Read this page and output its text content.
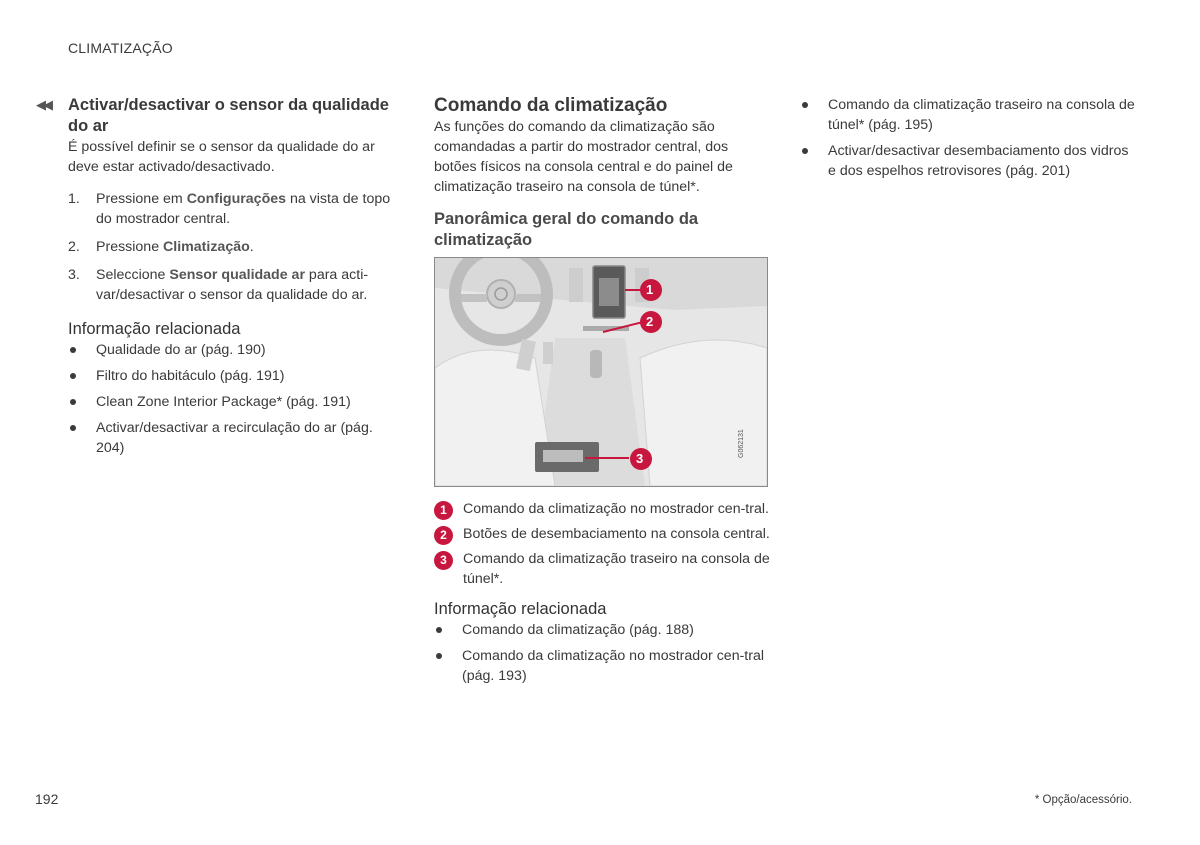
CLIMATIZAÇÃO
◀◀ Activar/desactivar o sensor da qualidade do ar

É possível definir se o sensor da qualidade do ar deve estar activado/desactivado.

1. Pressione em Configurações na vista de topo do mostrador central.
2. Pressione Climatização.
3. Seleccione Sensor qualidade ar para acti-var/desactivar o sensor da qualidade do ar.
Informação relacionada
Qualidade do ar (pág. 190)
Filtro do habitáculo (pág. 191)
Clean Zone Interior Package* (pág. 191)
Activar/desactivar a recirculação do ar (pág. 204)
Comando da climatização

As funções do comando da climatização são comandadas a partir do mostrador central, dos botões físicos na consola central e do painel de climatização traseiro na consola de túnel*.

Panorâmica geral do comando da climatização
1
2
3
G062131
1	Comando da climatização no mostrador cen-tral.
2	Botões de desembaciamento na consola central.
3	Comando da climatização traseiro na consola de túnel*.
Informação relacionada
Comando da climatização (pág. 188)
Comando da climatização no mostrador cen-tral (pág. 193)
Comando da climatização traseiro na consola de túnel* (pág. 195)
Activar/desactivar desembaciamento dos vidros e dos espelhos retrovisores (pág. 201)
192	* Opção/acessório.
